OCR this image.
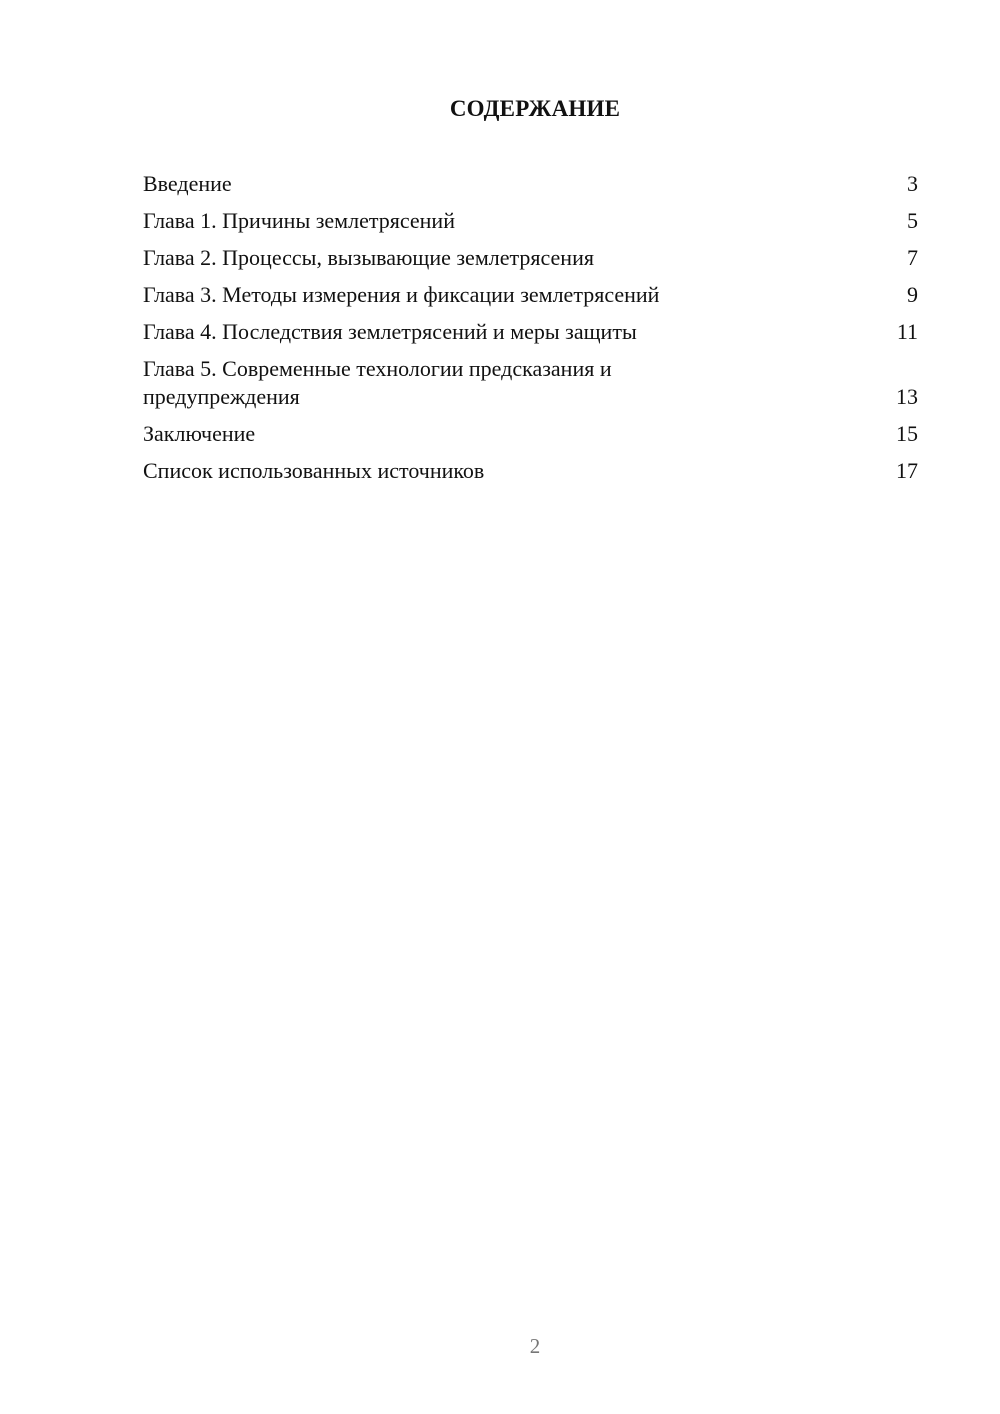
СОДЕРЖАНИЕ
Введение	3
Глава 1. Причины землетрясений	5
Глава 2. Процессы, вызывающие землетрясения	7
Глава 3. Методы измерения и фиксации землетрясений	9
Глава 4. Последствия землетрясений и меры защиты	11
Глава 5. Современные технологии предсказания и
предупреждения	13
Заключение	15
Список использованных источников	17
2
